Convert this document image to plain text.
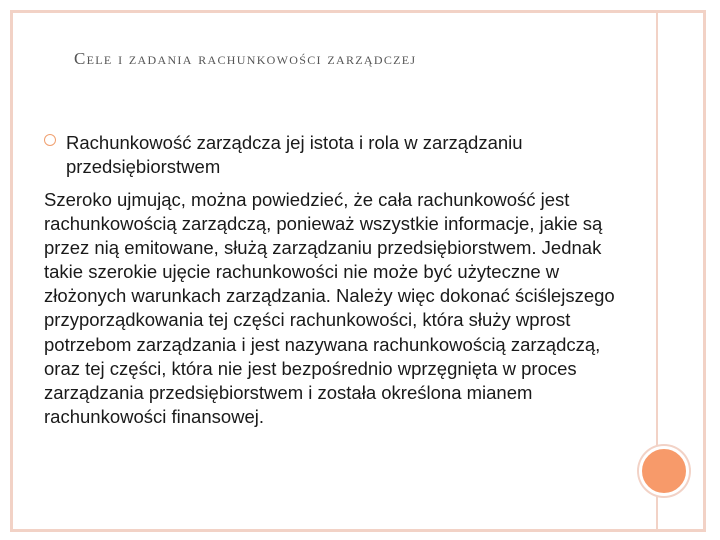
Cele i zadania rachunkowości zarządczej

Rachunkowość zarządcza jej istota i rola w zarządzaniu przedsiębiorstwem

Szeroko ujmując, można powiedzieć, że cała rachunkowość jest rachunkowością zarządczą, ponieważ wszystkie informacje, jakie są przez nią emitowane, służą zarządzaniu przedsiębiorstwem. Jednak takie szerokie ujęcie rachunkowości nie może być użyteczne w złożonych warunkach zarządzania. Należy więc dokonać ściślejszego przyporządkowania tej części rachunkowości, która służy wprost potrzebom zarządzania i jest nazywana rachunkowością zarządczą, oraz tej części, która nie jest bezpośrednio wprzęgnięta w proces zarządzania przedsiębiorstwem i została określona mianem rachunkowości finansowej.
